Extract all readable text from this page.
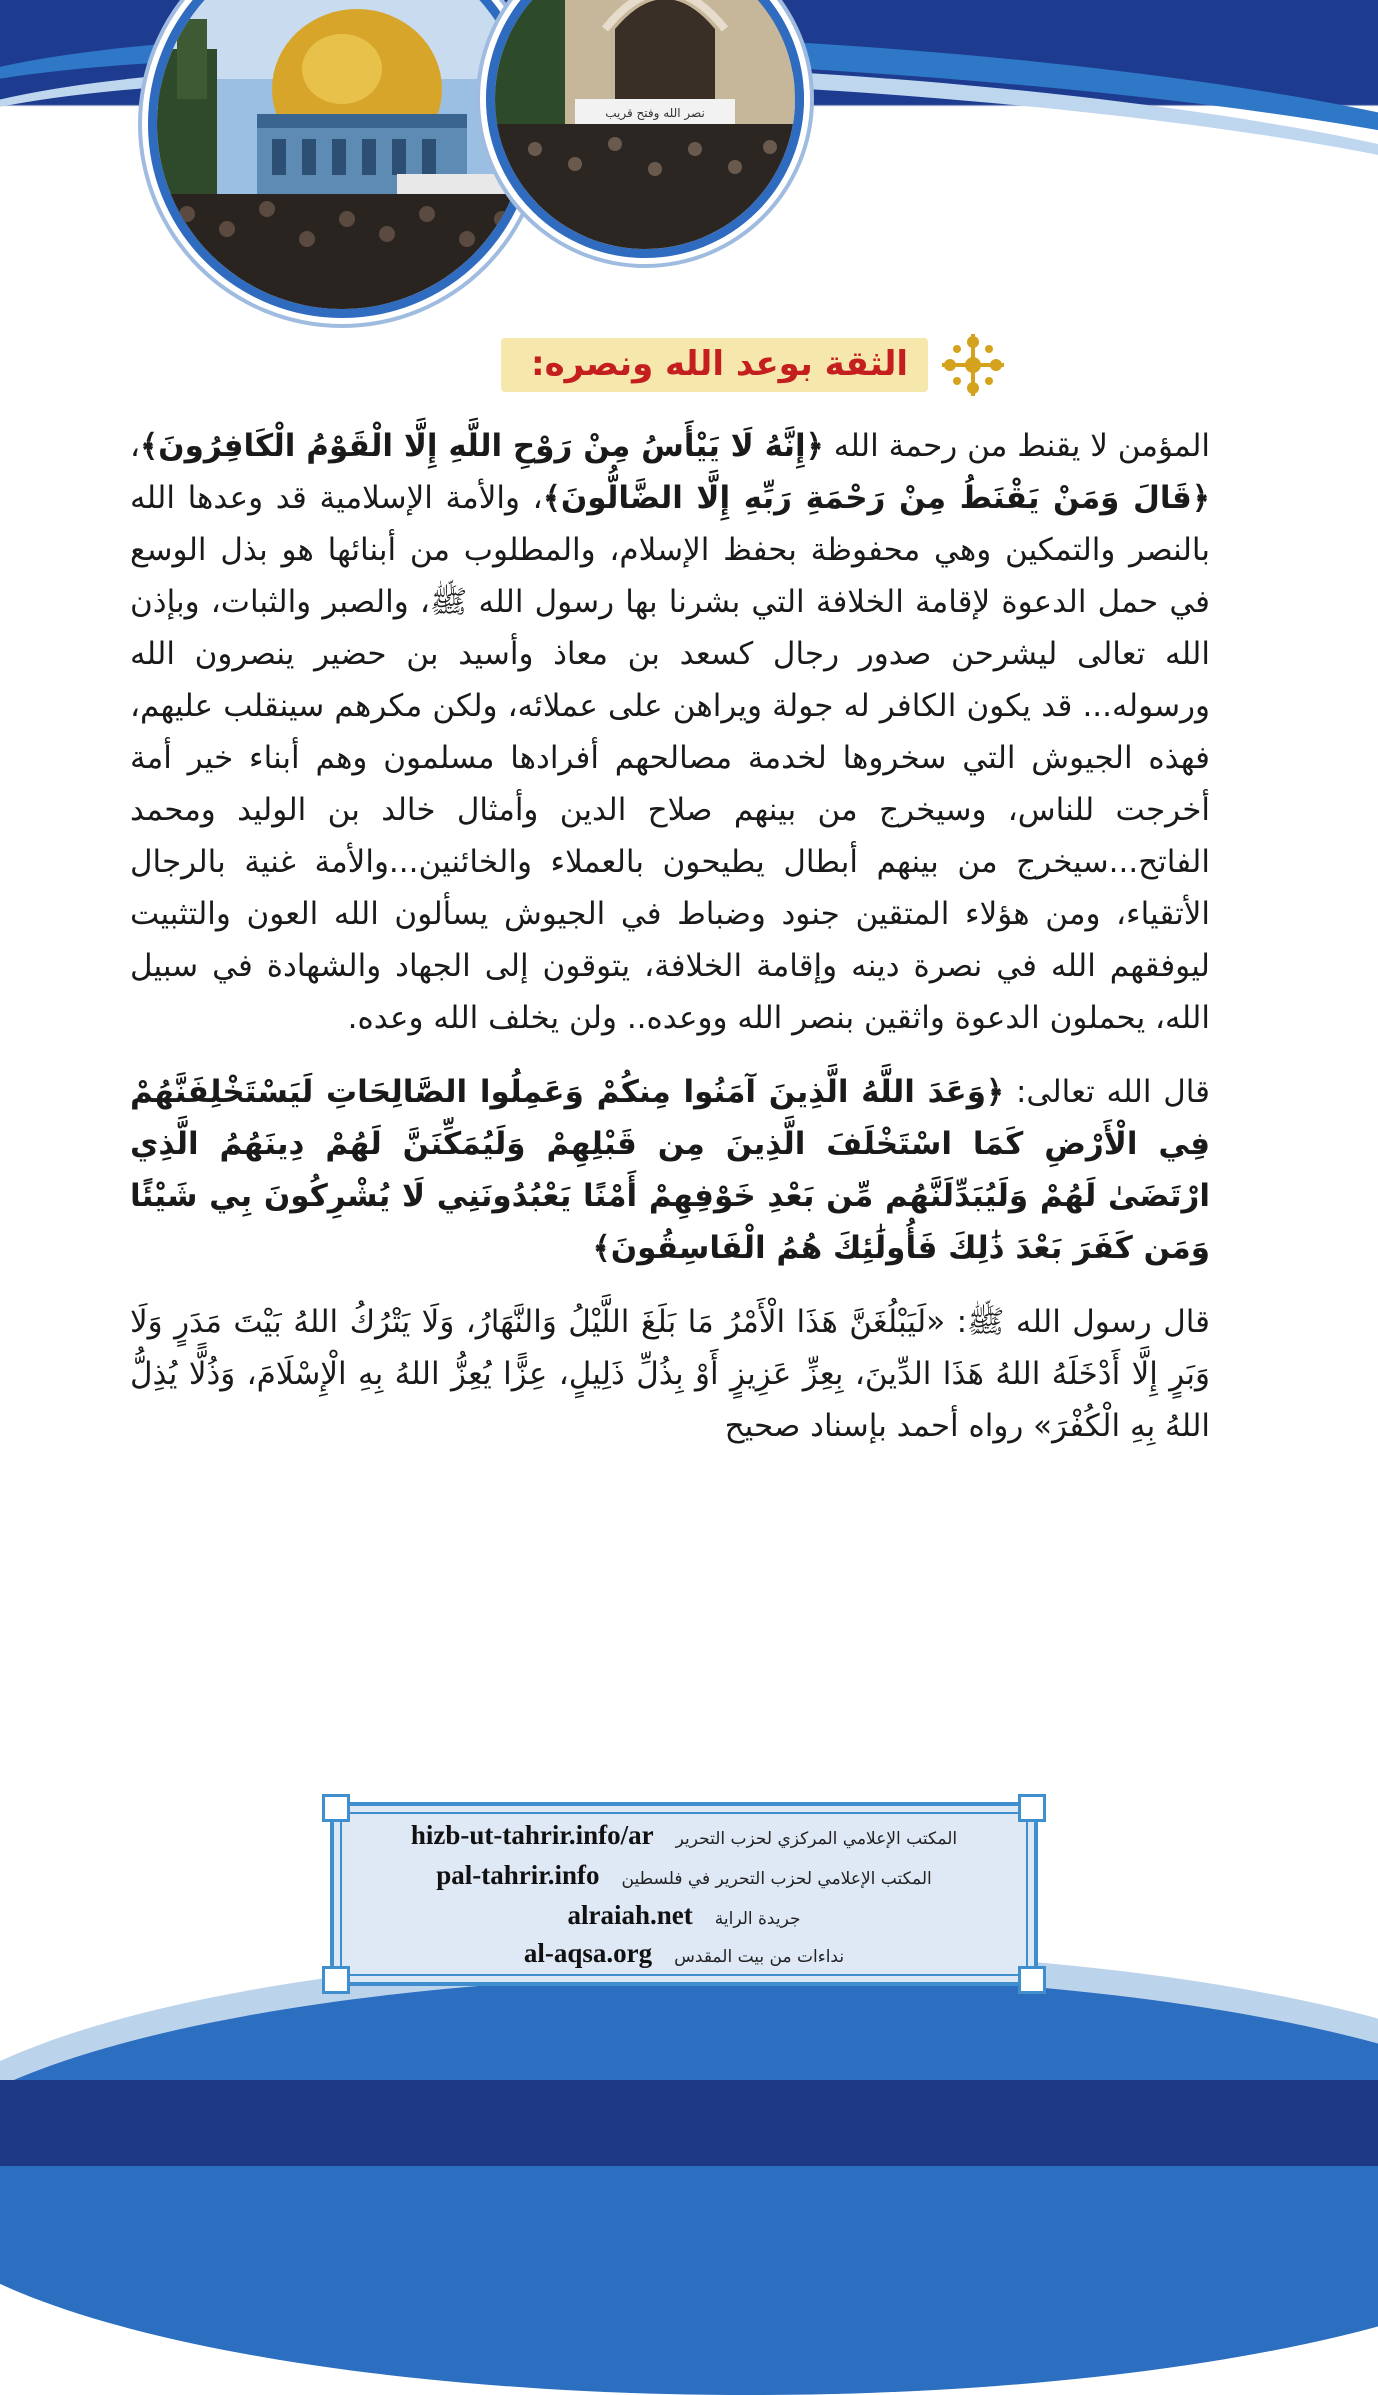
نصر الله وفتح قريب
الثقة بوعد الله ونصره:

المؤمن لا يقنط من رحمة الله ﴿إِنَّهُ لَا يَيْأَسُ مِنْ رَوْحِ اللَّهِ إِلَّا الْقَوْمُ الْكَافِرُونَ﴾، ﴿قَالَ وَمَنْ يَقْنَطُ مِنْ رَحْمَةِ رَبِّهِ إِلَّا الضَّالُّونَ﴾، والأمة الإسلامية قد وعدها الله بالنصر والتمكين وهي محفوظة بحفظ الإسلام، والمطلوب من أبنائها هو بذل الوسع في حمل الدعوة لإقامة الخلافة التي بشرنا بها رسول الله ﷺ، والصبر والثبات، وبإذن الله تعالى ليشرحن صدور رجال كسعد بن معاذ وأسيد بن حضير ينصرون الله ورسوله... قد يكون الكافر له جولة ويراهن على عملائه، ولكن مكرهم سينقلب عليهم، فهذه الجيوش التي سخروها لخدمة مصالحهم أفرادها مسلمون وهم أبناء خير أمة أخرجت للناس، وسيخرج من بينهم صلاح الدين وأمثال خالد بن الوليد ومحمد الفاتح...سيخرج من بينهم أبطال يطيحون بالعملاء والخائنين...والأمة غنية بالرجال الأتقياء، ومن هؤلاء المتقين جنود وضباط في الجيوش يسألون الله العون والتثبيت ليوفقهم الله في نصرة دينه وإقامة الخلافة، يتوقون إلى الجهاد والشهادة في سبيل الله، يحملون الدعوة واثقين بنصر الله ووعده.. ولن يخلف الله وعده.

قال الله تعالى: ﴿وَعَدَ اللَّهُ الَّذِينَ آمَنُوا مِنكُمْ وَعَمِلُوا الصَّالِحَاتِ لَيَسْتَخْلِفَنَّهُمْ فِي الْأَرْضِ كَمَا اسْتَخْلَفَ الَّذِينَ مِن قَبْلِهِمْ وَلَيُمَكِّنَنَّ لَهُمْ دِينَهُمُ الَّذِي ارْتَضَىٰ لَهُمْ وَلَيُبَدِّلَنَّهُم مِّن بَعْدِ خَوْفِهِمْ أَمْنًا يَعْبُدُونَنِي لَا يُشْرِكُونَ بِي شَيْئًا وَمَن كَفَرَ بَعْدَ ذَٰلِكَ فَأُولَٰئِكَ هُمُ الْفَاسِقُونَ﴾

قال رسول الله ﷺ: «لَيَبْلُغَنَّ هَذَا الْأَمْرُ مَا بَلَغَ اللَّيْلُ وَالنَّهَارُ، وَلَا يَتْرُكُ اللهُ بَيْتَ مَدَرٍ وَلَا وَبَرٍ إِلَّا أَدْخَلَهُ اللهُ هَذَا الدِّينَ، بِعِزِّ عَزِيزٍ أَوْ بِذُلِّ ذَلِيلٍ، عِزًّا يُعِزُّ اللهُ بِهِ الْإِسْلَامَ، وَذُلًّا يُذِلُّ اللهُ بِهِ الْكُفْرَ» رواه أحمد بإسناد صحيح

hizb-ut-tahrir.info/ar المكتب الإعلامي المركزي لحزب التحرير
pal-tahrir.info المكتب الإعلامي لحزب التحرير في فلسطين
alraiah.net جريدة الراية
al-aqsa.org نداءات من بيت المقدس
